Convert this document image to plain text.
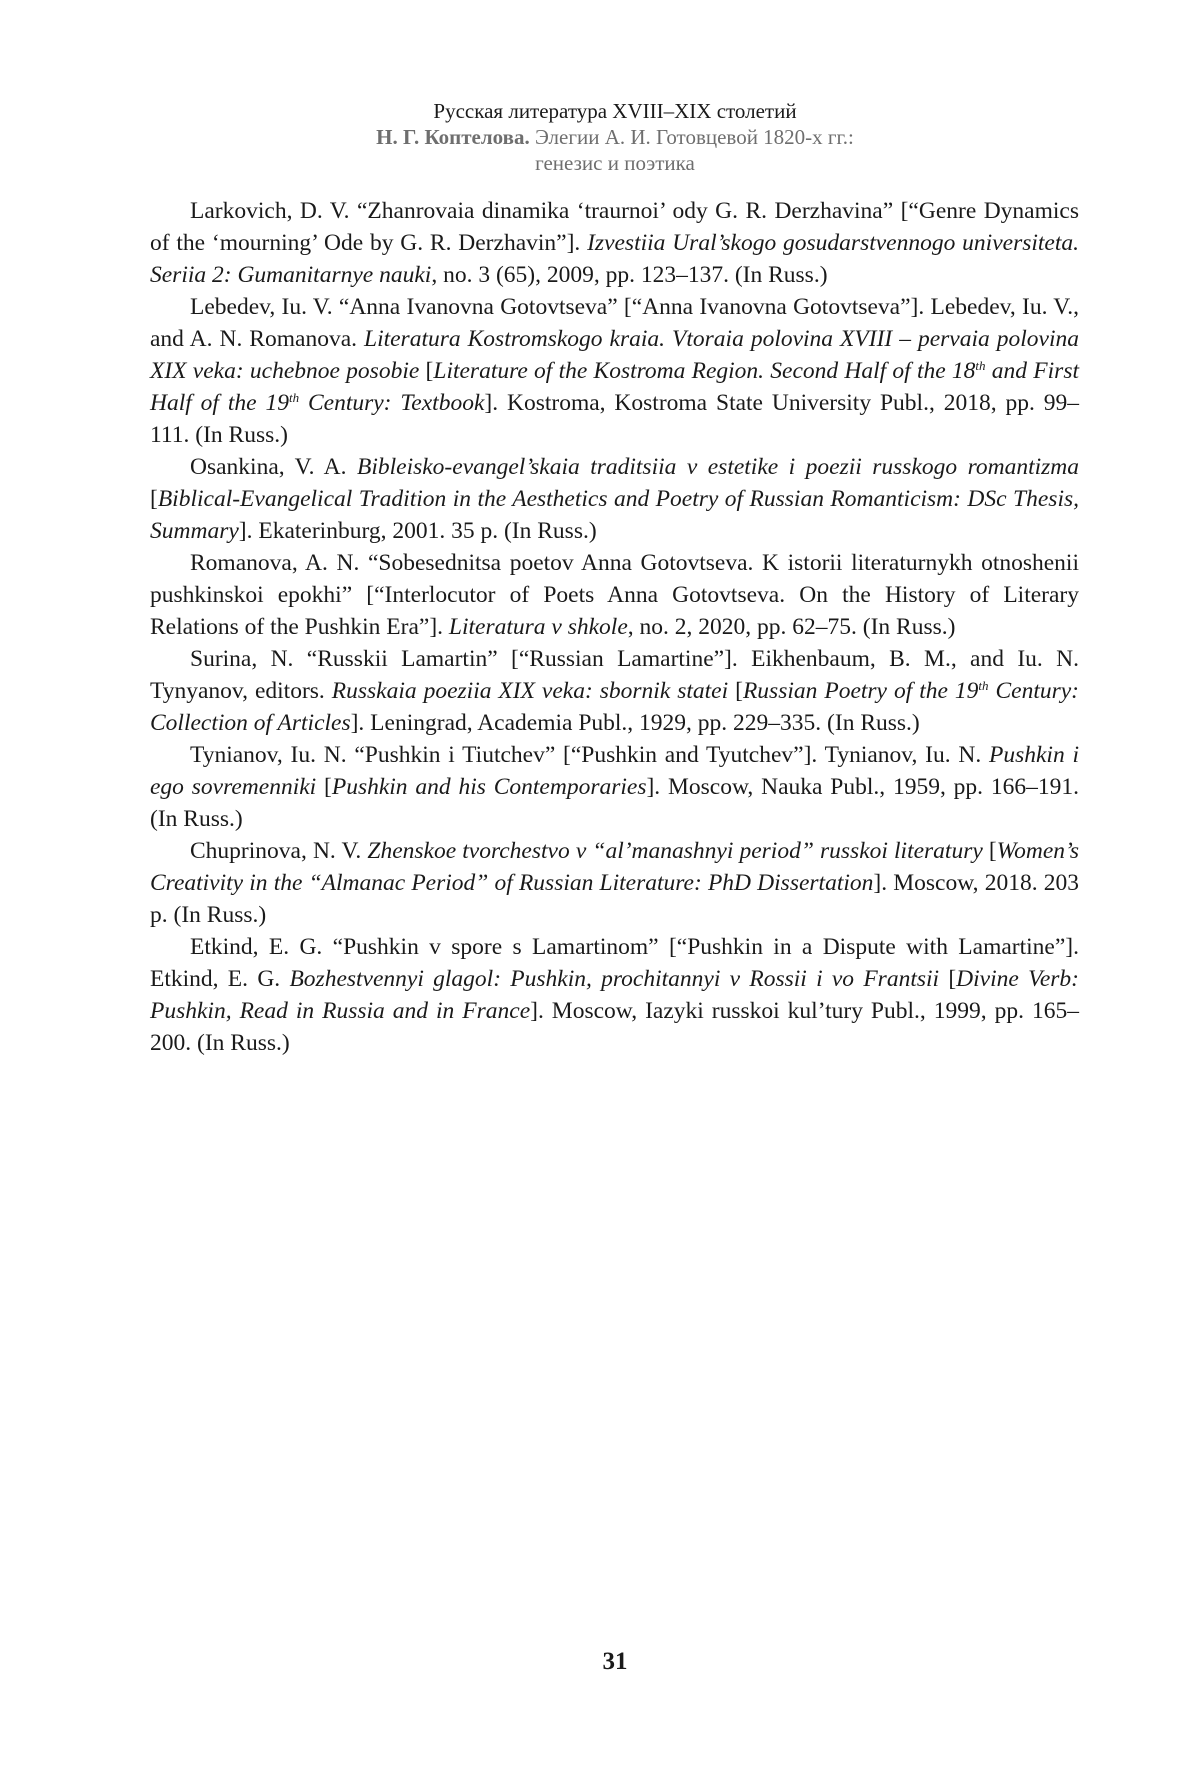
Русская литература XVIII–XIX столетий
Н. Г. Коптелова. Элегии А. И. Готовцевой 1820-х гг.:
генезис и поэтика

Larkovich, D. V. “Zhanrovaia dinamika ‘traurnoi’ ody G. R. Derzhavina” [“Genre Dy­namics of the ‘mourning’ Ode by G. R. Derzhavin”]. Izvestiia Ural’skogo gosudarstvennogo universiteta. Seriia 2: Gumanitarnye nauki, no. 3 (65), 2009, pp. 123–137. (In Russ.)

Lebedev, Iu. V. “Anna Ivanovna Gotovtseva” [“Anna Ivanovna Gotovtseva”]. Lebe­dev, Iu. V., and A. N. Romanova. Literatura Kostromskogo kraia. Vtoraia polovina XVIII – pervaia polovina XIX veka: uchebnoe posobie [Literature of the Kostroma Region. Second Half of the 18th and First Half of the 19th Century: Textbook]. Kostroma, Kostroma State University Publ., 2018, pp. 99–111. (In Russ.)

Osankina, V. A. Bibleisko-evangel’skaia traditsiia v estetike i poezii russkogo romantiz­ma [Biblical-Evangelical Tradition in the Aesthetics and Poetry of Russian Romanticism: DSc Thesis, Summary]. Ekaterinburg, 2001. 35 p. (In Russ.)

Romanova, A. N. “Sobesednitsa poetov Anna Gotovtseva. K istorii literaturnykh ot­noshenii pushkinskoi epokhi” [“Interlocutor of Poets Anna Gotovtseva. On the History of Literary Relations of the Pushkin Era”]. Literatura v shkole, no. 2, 2020, pp. 62–75. (In Russ.)

Surina, N. “Russkii Lamartin” [“Russian Lamartine”]. Eikhenbaum, B. M., and Iu. N. Tynyanov, editors. Russkaia poeziia XIX veka: sbornik statei [Russian Poetry of the 19th Century: Collection of Articles]. Leningrad, Academia Publ., 1929, pp. 229–335. (In Russ.)

Tynianov, Iu. N. “Pushkin i Tiutchev” [“Pushkin and Tyutchev”]. Tynianov, Iu. N. Pushkin i ego sovremenniki [Pushkin and his Contemporaries]. Moscow, Nauka Publ., 1959, pp. 166–191. (In Russ.)

Chuprinova, N. V. Zhenskoe tvorchestvo v “al’manashnyi period” russkoi literatury [Women’s Creativity in the “Almanac Period” of Russian Literature: PhD Dissertation]. Moscow, 2018. 203 p. (In Russ.)

Etkind, E. G. “Pushkin v spore s Lamartinom” [“Pushkin in a Dispute with Lamar­tine”]. Etkind, E. G. Bozhestvennyi glagol: Pushkin, prochitannyi v Rossii i vo Frantsii [Di­vine Verb: Pushkin, Read in Russia and in France]. Moscow, Iazyki russkoi kul’tury Publ., 1999, pp. 165–200. (In Russ.)

31
